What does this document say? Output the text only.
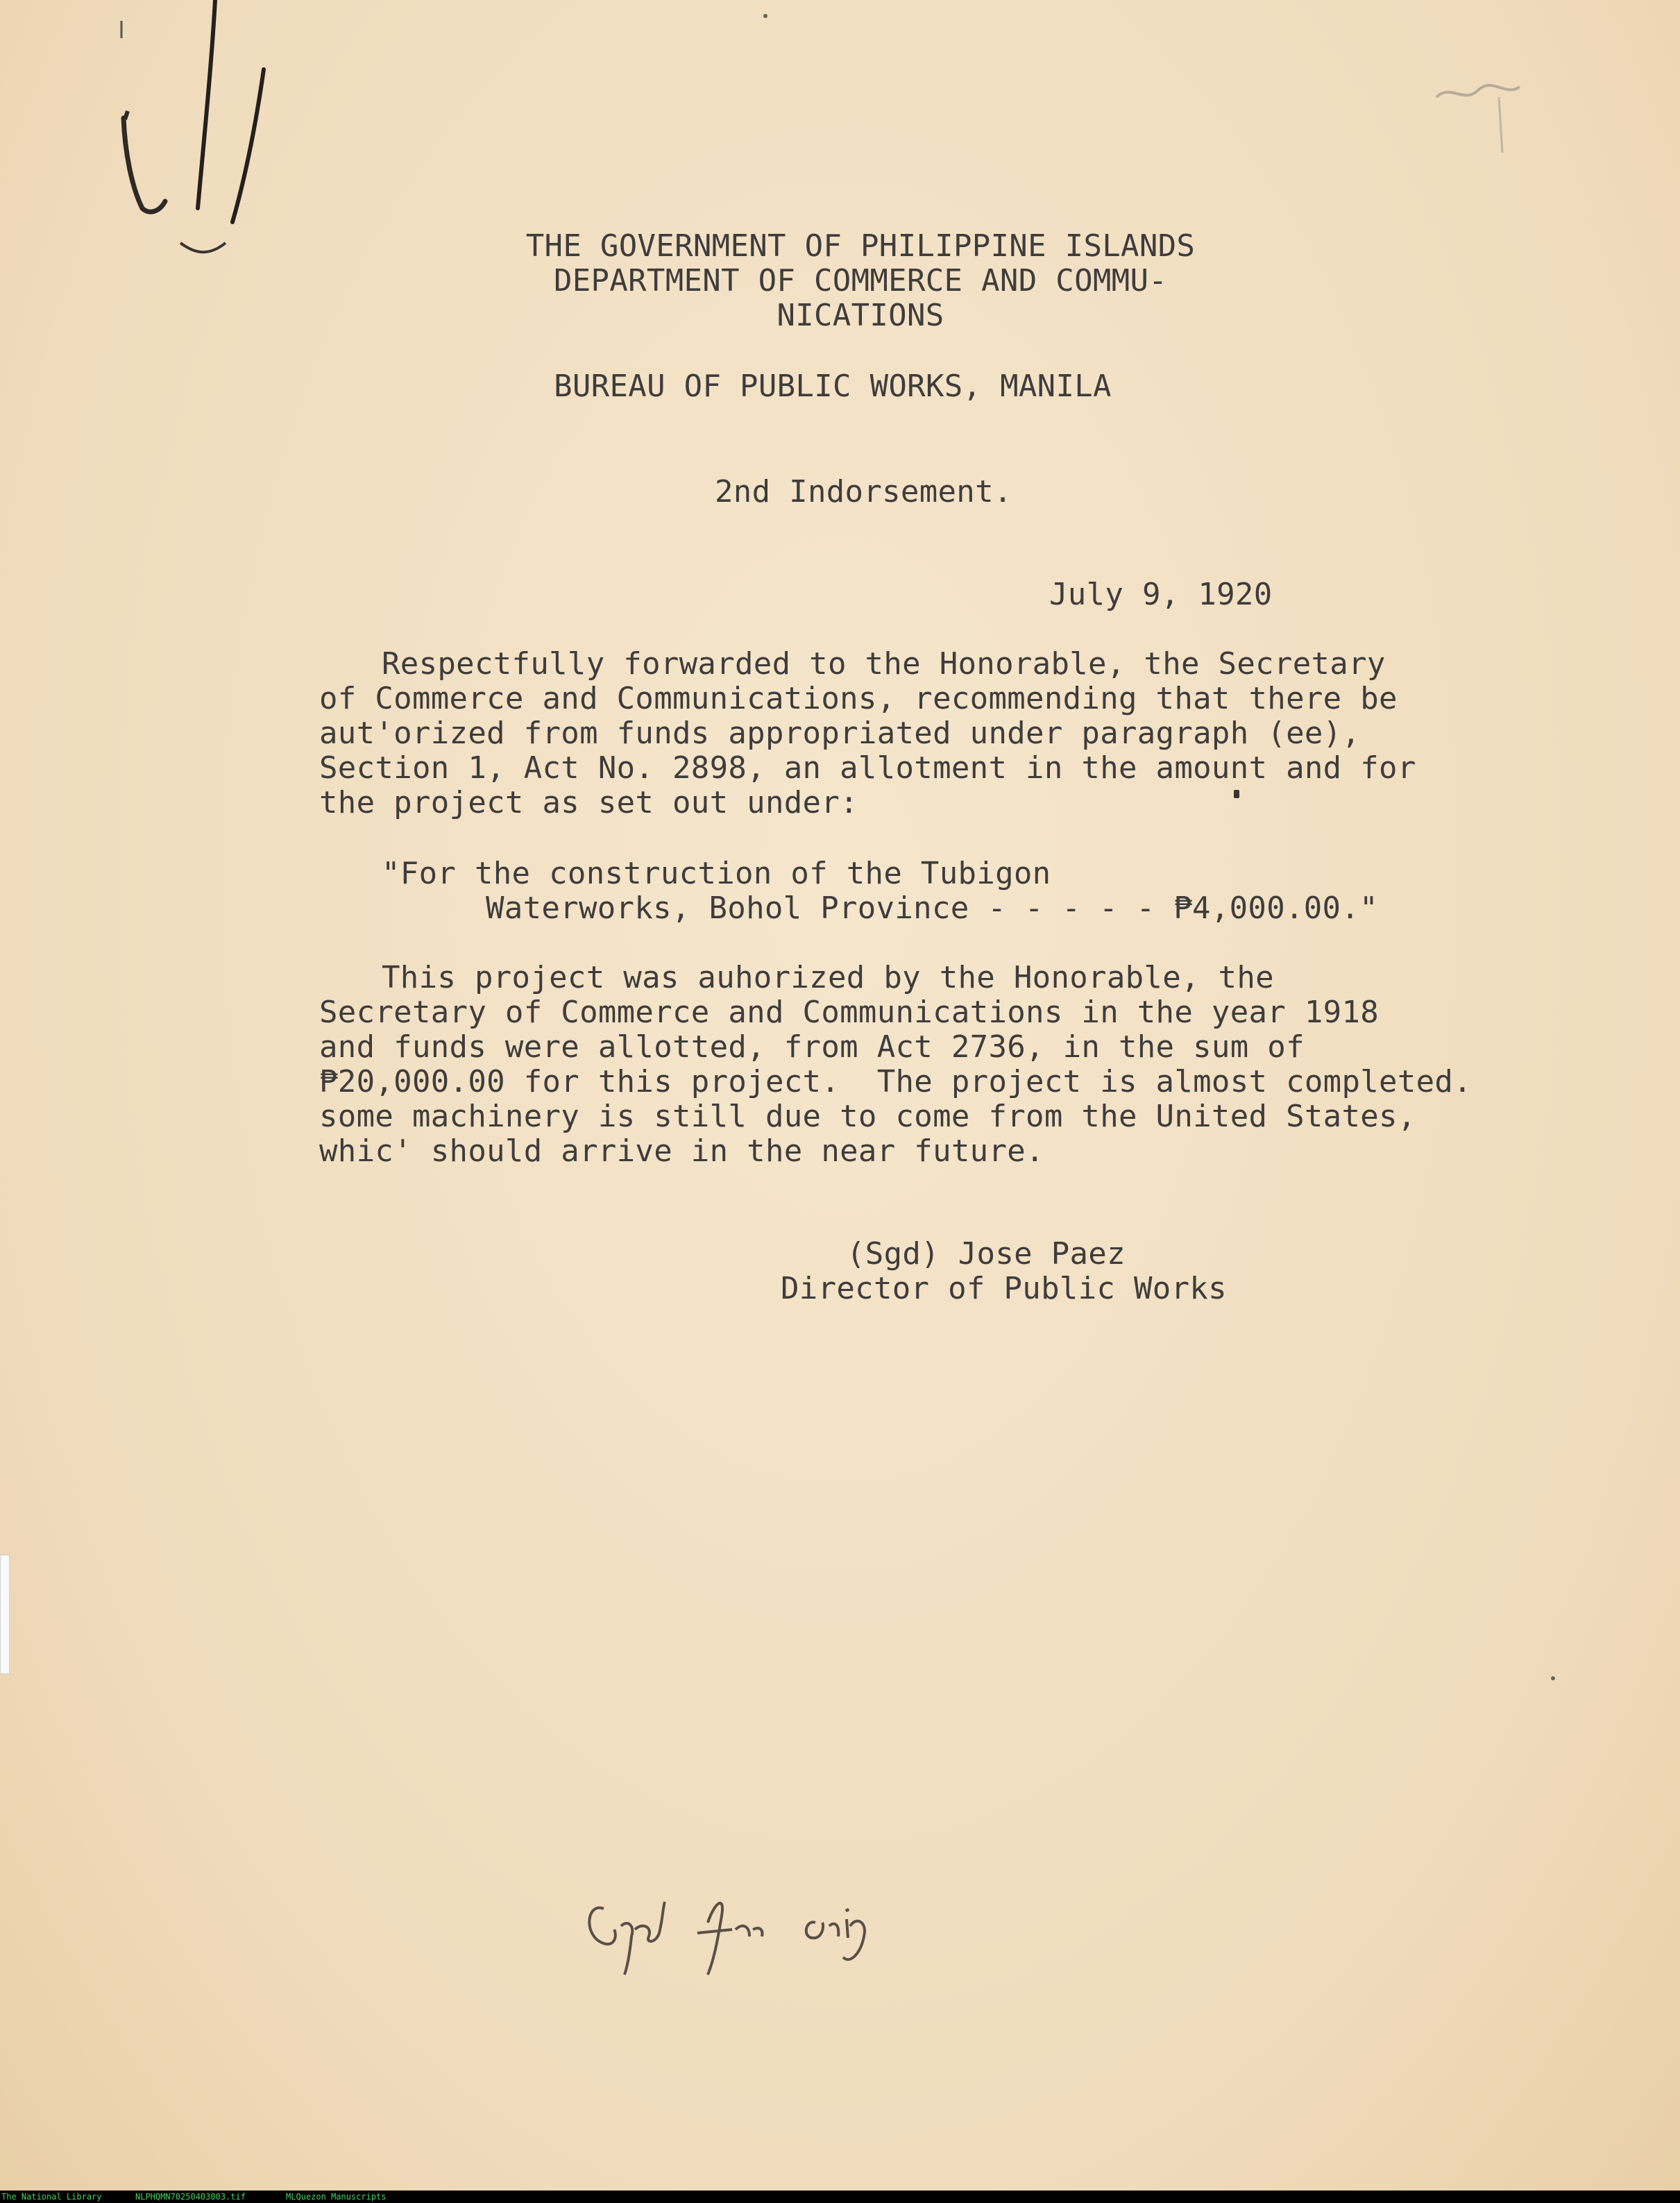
THE GOVERNMENT OF PHILIPPINE ISLANDS
DEPARTMENT OF COMMERCE AND COMMU-
NICATIONS
BUREAU OF PUBLIC WORKS, MANILA
2nd Indorsement.
July 9, 1920
Respectfully forwarded to the Honorable, the Secretary
of Commerce and Communications, recommending that there be
aut'orized from funds appropriated under paragraph (ee),
Section 1, Act No. 2898, an allotment in the amount and for
the project as set out under:
"For the construction of the Tubigon
Waterworks, Bohol Province - - - - - ₱4,000.00."
This project was auhorized by the Honorable, the
Secretary of Commerce and Communications in the year 1918
and funds were allotted, from Act 2736, in the sum of
₱20,000.00 for this project.  The project is almost completed.
some machinery is still due to come from the United States,
whic' should arrive in the near future.
(Sgd) Jose Paez
Director of Public Works
The National Library	NLPHQMN70250403003.tif	MLQuezon Manuscripts
